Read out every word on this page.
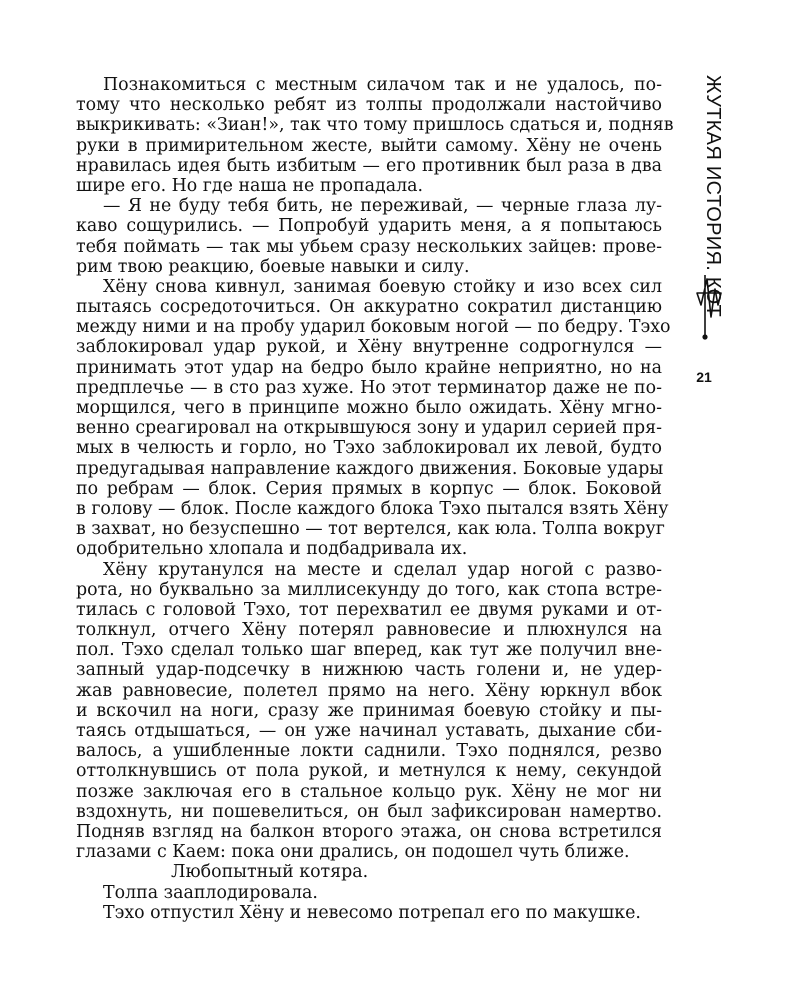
Познакомиться с местным силачом так и не удалось, по-
тому что несколько ребят из толпы продолжали настойчиво
выкрикивать: «Зиан!», так что тому пришлось сдаться и, подняв
руки в примирительном жесте, выйти самому. Хёну не очень
нравилась идея быть избитым — его противник был раза в два
шире его. Но где наша не пропадала.
— Я не буду тебя бить, не переживай, — черные глаза лу-
каво сощурились. — Попробуй ударить меня, а я попытаюсь
тебя поймать — так мы убьем сразу нескольких зайцев: прове-
рим твою реакцию, боевые навыки и силу.
Хёну снова кивнул, занимая боевую стойку и изо всех сил
пытаясь сосредоточиться. Он аккуратно сократил дистанцию
между ними и на пробу ударил боковым ногой — по бедру. Тэхо
заблокировал удар рукой, и Хёну внутренне содрогнулся —
принимать этот удар на бедро было крайне неприятно, но на
предплечье — в сто раз хуже. Но этот терминатор даже не по-
морщился, чего в принципе можно было ожидать. Хёну мгно-
венно среагировал на открывшуюся зону и ударил серией пря-
мых в челюсть и горло, но Тэхо заблокировал их левой, будто
предугадывая направление каждого движения. Боковые удары
по ребрам — блок. Серия прямых в корпус — блок. Боковой
в голову — блок. После каждого блока Тэхо пытался взять Хёну
в захват, но безуспешно — тот вертелся, как юла. Толпа вокруг
одобрительно хлопала и подбадривала их.
Хёну крутанулся на месте и сделал удар ногой с разво-
рота, но буквально за миллисекунду до того, как стопа встре-
тилась с головой Тэхо, тот перехватил ее двумя руками и от-
толкнул, отчего Хёну потерял равновесие и плюхнулся на
пол. Тэхо сделал только шаг вперед, как тут же получил вне-
запный удар-подсечку в нижнюю часть голени и, не удер-
жав равновесие, полетел прямо на него. Хёну юркнул вбок
и вскочил на ноги, сразу же принимая боевую стойку и пы-
таясь отдышаться, — он уже начинал уставать, дыхание сби-
валось, а ушибленные локти саднили. Тэхо поднялся, резво
оттолкнувшись от пола рукой, и метнулся к нему, секундой
позже заключая его в стальное кольцо рук. Хёну не мог ни
вздохнуть, ни пошевелиться, он был зафиксирован намертво.
Подняв взгляд на балкон второго этажа, он снова встретился
глазами с Каем: пока они дрались, он подошел чуть ближе.
Любопытный котяра.
Толпа зааплодировала.
Тэхо отпустил Хёну и невесомо потрепал его по макушке.
ЖУТКАЯ ИСТОРИЯ. КОТ
21
